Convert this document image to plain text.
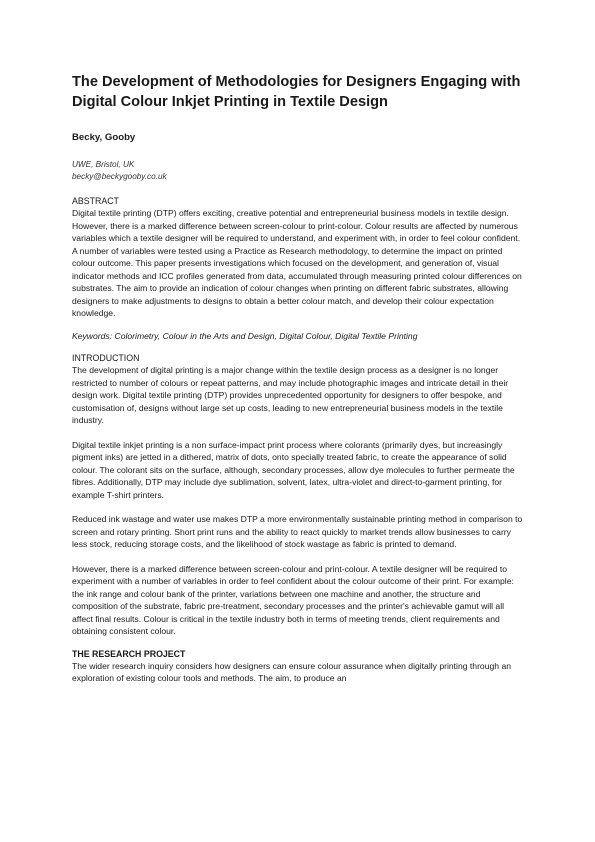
The Development of Methodologies for Designers Engaging with
Digital Colour Inkjet Printing in Textile Design
Becky, Gooby
UWE, Bristol, UK
becky@beckygooby.co.uk
ABSTRACT

Digital textile printing (DTP) offers exciting, creative potential and entrepreneurial business models in textile design. However, there is a marked difference between screen-colour to print-colour. Colour results are affected by numerous variables which a textile designer will be required to understand, and experiment with, in order to feel colour confident. A number of variables were tested using a Practice as Research methodology, to determine the impact on printed colour outcome. This paper presents investigations which focused on the development, and generation of, visual indicator methods and ICC profiles generated from data, accumulated through measuring printed colour differences on substrates. The aim to provide an indication of colour changes when printing on different fabric substrates, allowing designers to make adjustments to designs to obtain a better colour match, and develop their colour expectation knowledge.

Keywords: Colorimetry, Colour in the Arts and Design, Digital Colour, Digital Textile Printing

INTRODUCTION

The development of digital printing is a major change within the textile design process as a designer is no longer restricted to number of colours or repeat patterns, and may include photographic images and intricate detail in their design work. Digital textile printing (DTP) provides unprecedented opportunity for designers to offer bespoke, and customisation of, designs without large set up costs, leading to new entrepreneurial business models in the textile industry.

Digital textile inkjet printing is a non surface-impact print process where colorants (primarily dyes, but increasingly pigment inks) are jetted in a dithered, matrix of dots, onto specially treated fabric, to create the appearance of solid colour. The colorant sits on the surface, although, secondary processes, allow dye molecules to further permeate the fibres. Additionally, DTP may include dye sublimation, solvent, latex, ultra-violet and direct-to-garment printing, for example T-shirt printers.

Reduced ink wastage and water use makes DTP a more environmentally sustainable printing method in comparison to screen and rotary printing. Short print runs and the ability to react quickly to market trends allow businesses to carry less stock, reducing storage costs, and the likelihood of stock wastage as fabric is printed to demand.

However, there is a marked difference between screen-colour and print-colour. A textile designer will be required to experiment with a number of variables in order to feel confident about the colour outcome of their print. For example: the ink range and colour bank of the printer, variations between one machine and another, the structure and composition of the substrate, fabric pre-treatment, secondary processes and the printer's achievable gamut will all affect final results. Colour is critical in the textile industry both in terms of meeting trends, client requirements and obtaining consistent colour.

THE RESEARCH PROJECT

The wider research inquiry considers how designers can ensure colour assurance when digitally printing through an exploration of existing colour tools and methods. The aim, to produce an
